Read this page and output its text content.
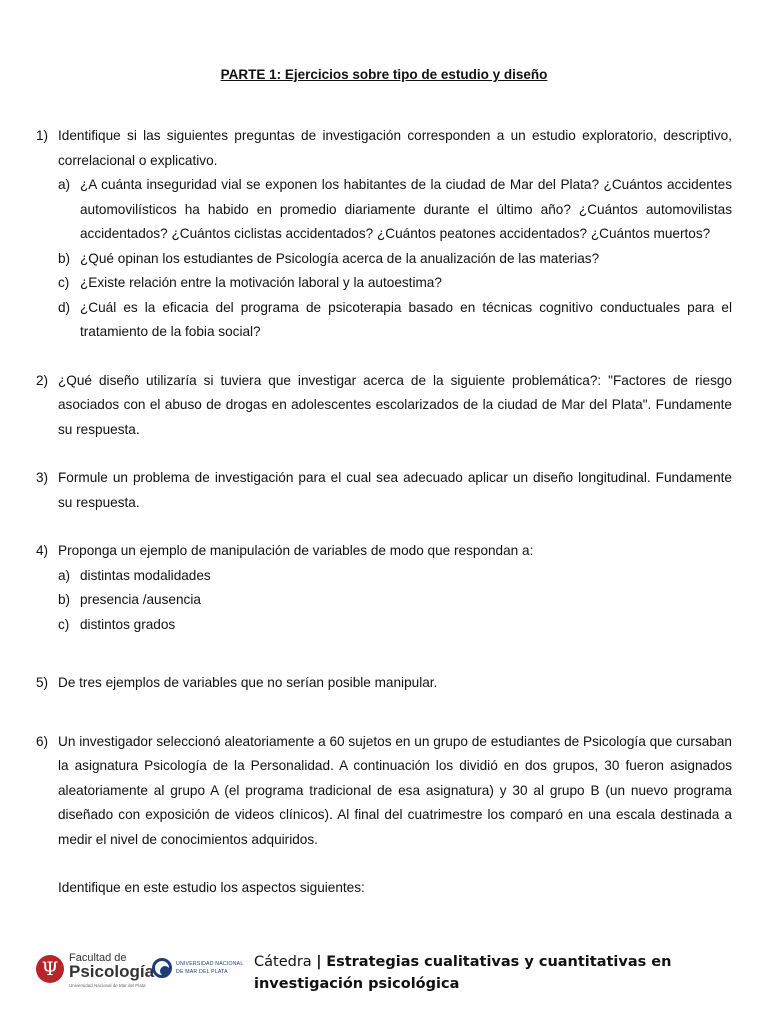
PARTE 1: Ejercicios sobre tipo de estudio y diseño
1) Identifique si las siguientes preguntas de investigación corresponden a un estudio exploratorio, descriptivo, correlacional o explicativo.
a) ¿A cuánta inseguridad vial se exponen los habitantes de la ciudad de Mar del Plata? ¿Cuántos accidentes automovilísticos ha habido en promedio diariamente durante el último año? ¿Cuántos automovilistas accidentados? ¿Cuántos ciclistas accidentados? ¿Cuántos peatones accidentados? ¿Cuántos muertos?
b) ¿Qué opinan los estudiantes de Psicología acerca de la anualización de las materias?
c) ¿Existe relación entre la motivación laboral y la autoestima?
d) ¿Cuál es la eficacia del programa de psicoterapia basado en técnicas cognitivo conductuales para el tratamiento de la fobia social?
2) ¿Qué diseño utilizaría si tuviera que investigar acerca de la siguiente problemática?: "Factores de riesgo asociados con el abuso de drogas en adolescentes escolarizados de la ciudad de Mar del Plata". Fundamente su respuesta.
3) Formule un problema de investigación para el cual sea adecuado aplicar un diseño longitudinal. Fundamente su respuesta.
4) Proponga un ejemplo de manipulación de variables de modo que respondan a:
a) distintas modalidades
b) presencia /ausencia
c) distintos grados
5) De tres ejemplos de variables que no serían posible manipular.
6) Un investigador seleccionó aleatoriamente a 60 sujetos en un grupo de estudiantes de Psicología que cursaban la asignatura Psicología de la Personalidad. A continuación los dividió en dos grupos, 30 fueron asignados aleatoriamente al grupo A (el programa tradicional de esa asignatura) y 30 al grupo B (un nuevo programa diseñado con exposición de videos clínicos). Al final del cuatrimestre los comparó en una escala destinada a medir el nivel de conocimientos adquiridos.
Identifique en este estudio los aspectos siguientes:
Ψ Facultad de
Psicología
Universidad Nacional de Mar del Plata
UNIVERSIDAD NACIONAL
DE MAR DEL PLATA
Cátedra | Estrategias cualitativas y cuantitativas en investigación psicológica
